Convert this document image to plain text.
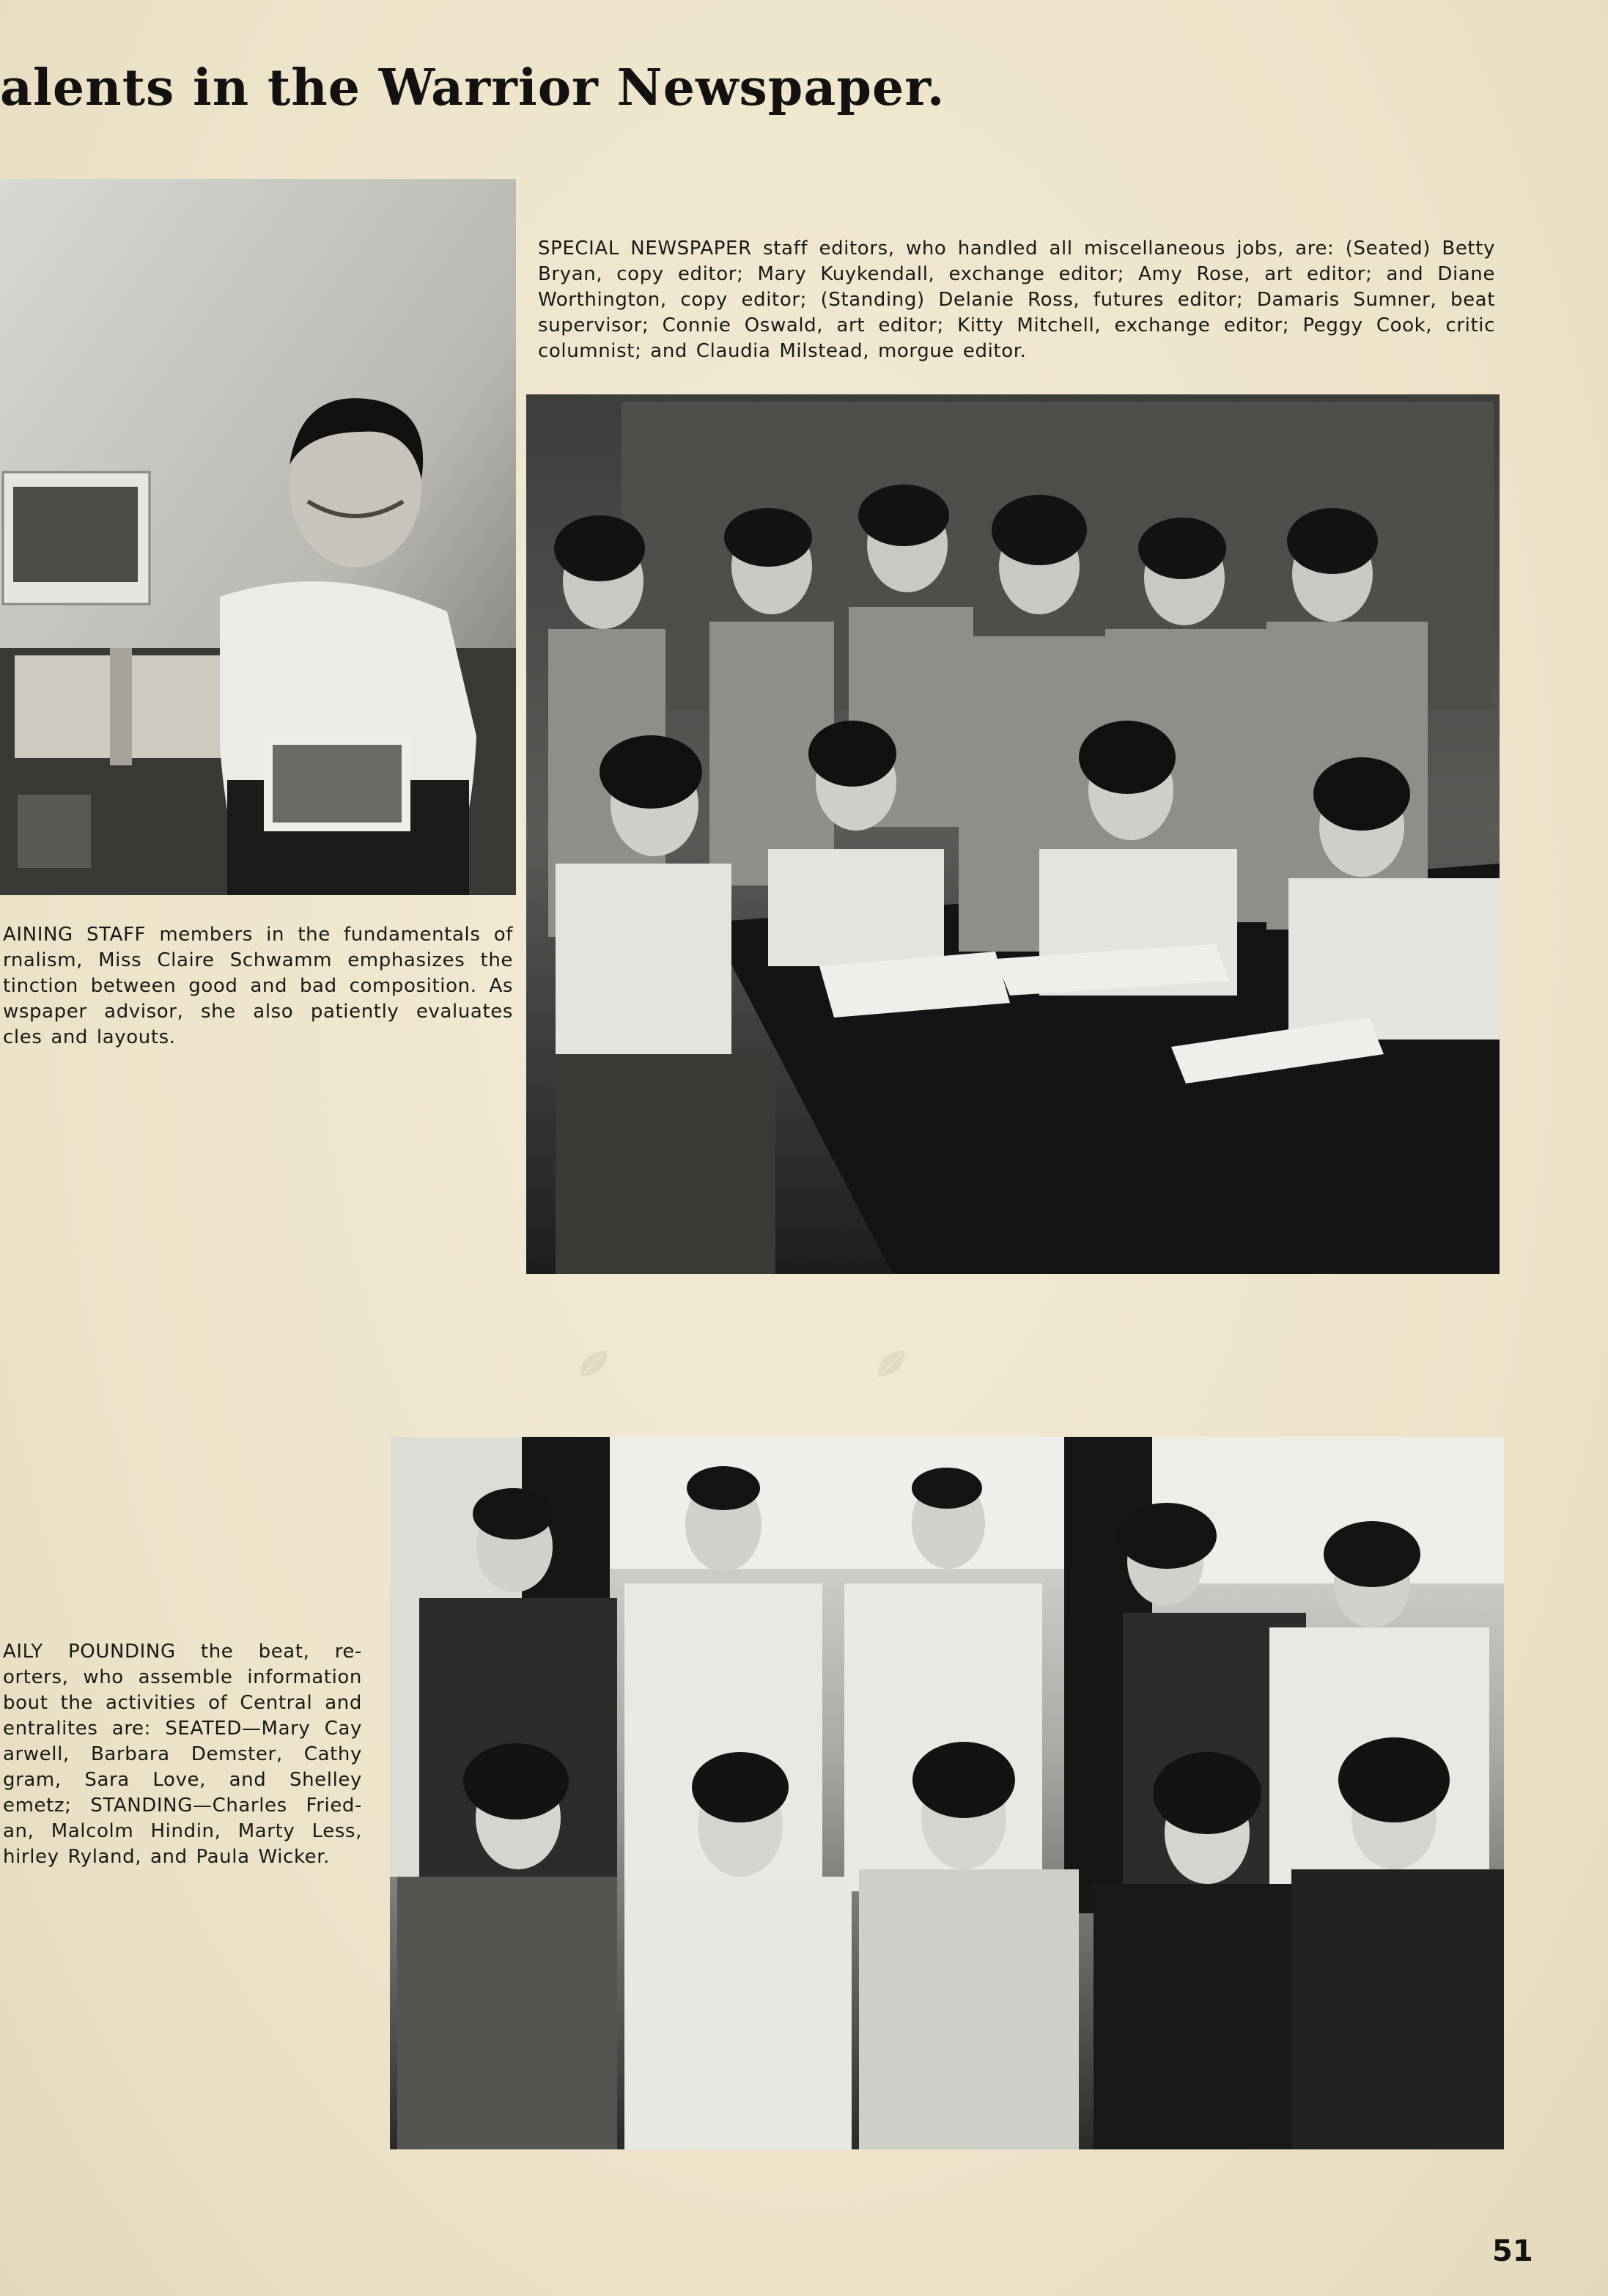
alents in the Warrior Newspaper.

SPECIAL NEWSPAPER staff editors, who handled all miscellaneous jobs, are: (Seated) Betty Bryan, copy editor; Mary Kuykendall, exchange editor; Amy Rose, art editor; and Diane Worthington, copy editor; (Standing) Delanie Ross, futures editor; Damaris Sumner, beat supervisor; Connie Oswald, art editor; Kitty Mitchell, exchange editor; Peggy Cook, critic columnist; and Claudia Milstead, morgue editor.

AINING STAFF members in the fundamentals of rnalism, Miss Claire Schwamm emphasizes the tinction between good and bad composition. As wspaper advisor, she also patiently evaluates cles and layouts.

AILY POUNDING the beat, re- orters, who assemble information bout the activities of Central and entralites are: SEATED—Mary Cay arwell, Barbara Demster, Cathy gram, Sara Love, and Shelley emetz; STANDING—Charles Fried- an, Malcolm Hindin, Marty Less, hirley Ryland, and Paula Wicker.

51
